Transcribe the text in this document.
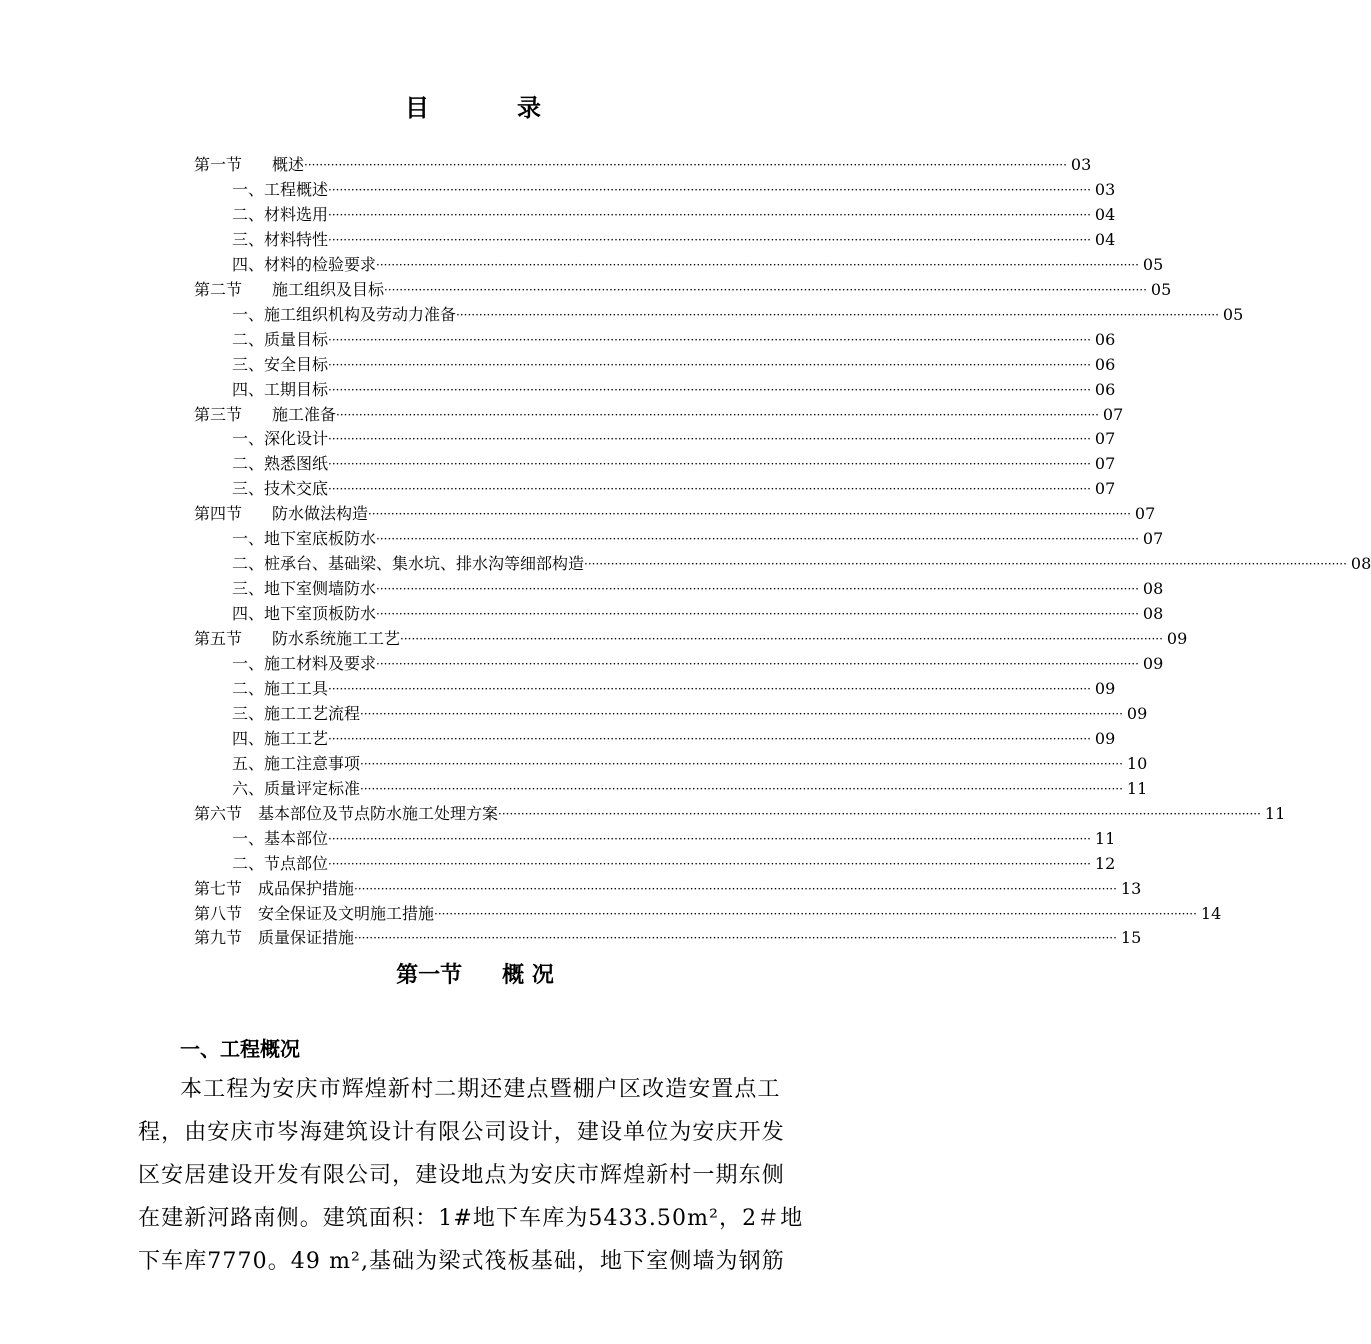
目	录
第一节 概述 ········································································································································································································ 03
一、工程概述 ········································································································································································································ 03
二、材料选用 ········································································································································································································ 04
三、材料特性 ········································································································································································································ 04
四、材料的检验要求 ········································································································································································································ 05
第二节 施工组织及目标 ········································································································································································································ 05
一、施工组织机构及劳动力准备 ········································································································································································································ 05
二、质量目标 ········································································································································································································ 06
三、安全目标 ········································································································································································································ 06
四、工期目标 ········································································································································································································ 06
第三节 施工准备 ········································································································································································································ 07
一、深化设计 ········································································································································································································ 07
二、熟悉图纸 ········································································································································································································ 07
三、技术交底 ········································································································································································································ 07
第四节 防水做法构造 ········································································································································································································ 07
一、地下室底板防水 ········································································································································································································ 07
二、桩承台、基础梁、集水坑、排水沟等细部构造 ········································································································································································································ 08
三、地下室侧墙防水 ········································································································································································································ 08
四、地下室顶板防水 ········································································································································································································ 08
第五节 防水系统施工工艺 ········································································································································································································ 09
一、施工材料及要求 ········································································································································································································ 09
二、施工工具 ········································································································································································································ 09
三、施工工艺流程 ········································································································································································································ 09
四、施工工艺 ········································································································································································································ 09
五、施工注意事项 ········································································································································································································ 10
六、质量评定标准 ········································································································································································································ 11
第六节 基本部位及节点防水施工处理方案 ········································································································································································································ 11
一、基本部位 ········································································································································································································ 11
二、节点部位 ········································································································································································································ 12
第七节 成品保护措施 ········································································································································································································ 13
第八节 安全保证及文明施工措施 ········································································································································································································ 14
第九节 质量保证措施 ········································································································································································································ 15
第一节 概 况
一、工程概况
本工程为安庆市辉煌新村二期还建点暨棚户区改造安置点工
程，由安庆市岑海建筑设计有限公司设计，建设单位为安庆开发
区安居建设开发有限公司，建设地点为安庆市辉煌新村一期东侧
在建新河路南侧。建筑面积：1#地下车库为5433.50m²，2＃地
下车库7770。49 m²,基础为梁式筏板基础，地下室侧墙为钢筋
